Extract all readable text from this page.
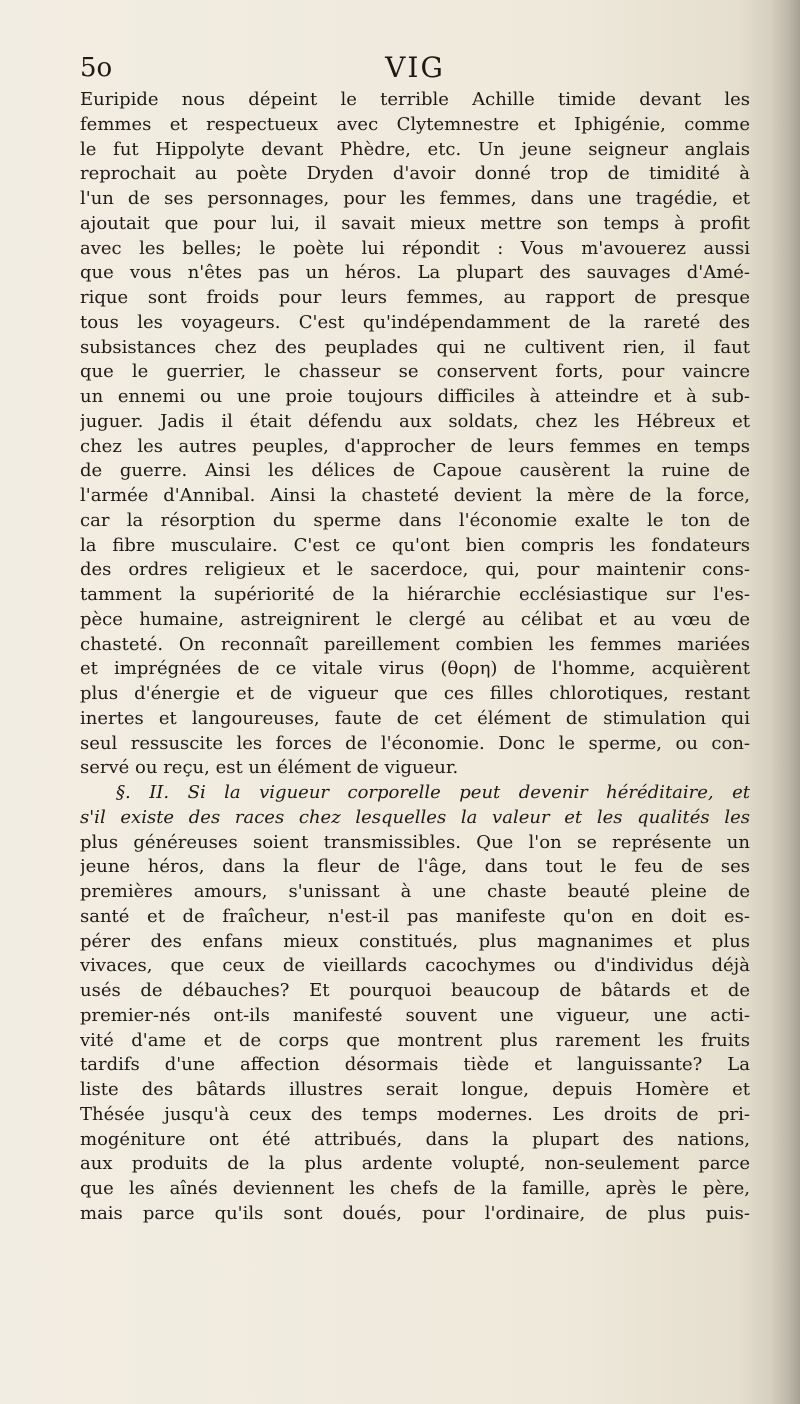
5o	VIG
Euripide nous dépeint le terrible Achille timide devant les
femmes et respectueux avec Clytemnestre et Iphigénie, comme
le fut Hippolyte devant Phèdre, etc. Un jeune seigneur anglais
reprochait au poète Dryden d'avoir donné trop de timidité à
l'un de ses personnages, pour les femmes, dans une tragédie, et
ajoutait que pour lui, il savait mieux mettre son temps à profit
avec les belles; le poète lui répondit : Vous m'avouerez aussi
que vous n'êtes pas un héros. La plupart des sauvages d'Amé-
rique sont froids pour leurs femmes, au rapport de presque
tous les voyageurs. C'est qu'indépendamment de la rareté des
subsistances chez des peuplades qui ne cultivent rien, il faut
que le guerrier, le chasseur se conservent forts, pour vaincre
un ennemi ou une proie toujours difficiles à atteindre et à sub-
juguer. Jadis il était défendu aux soldats, chez les Hébreux et
chez les autres peuples, d'approcher de leurs femmes en temps
de guerre. Ainsi les délices de Capoue causèrent la ruine de
l'armée d'Annibal. Ainsi la chasteté devient la mère de la force,
car la résorption du sperme dans l'économie exalte le ton de
la fibre musculaire. C'est ce qu'ont bien compris les fondateurs
des ordres religieux et le sacerdoce, qui, pour maintenir cons-
tamment la supériorité de la hiérarchie ecclésiastique sur l'es-
pèce humaine, astreignirent le clergé au célibat et au vœu de
chasteté. On reconnaît pareillement combien les femmes mariées
et imprégnées de ce vitale virus (θορη) de l'homme, acquièrent
plus d'énergie et de vigueur que ces filles chlorotiques, restant
inertes et langoureuses, faute de cet élément de stimulation qui
seul ressuscite les forces de l'économie. Donc le sperme, ou con-
servé ou reçu, est un élément de vigueur.
§. II. Si la vigueur corporelle peut devenir héréditaire, et
s'il existe des races chez lesquelles la valeur et les qualités les
plus généreuses soient transmissibles. Que l'on se représente un
jeune héros, dans la fleur de l'âge, dans tout le feu de ses
premières amours, s'unissant à une chaste beauté pleine de
santé et de fraîcheur, n'est-il pas manifeste qu'on en doit es-
pérer des enfans mieux constitués, plus magnanimes et plus
vivaces, que ceux de vieillards cacochymes ou d'individus déjà
usés de débauches? Et pourquoi beaucoup de bâtards et de
premier-nés ont-ils manifesté souvent une vigueur, une acti-
vité d'ame et de corps que montrent plus rarement les fruits
tardifs d'une affection désormais tiède et languissante? La
liste des bâtards illustres serait longue, depuis Homère et
Thésée jusqu'à ceux des temps modernes. Les droits de pri-
mogéniture ont été attribués, dans la plupart des nations,
aux produits de la plus ardente volupté, non-seulement parce
que les aînés deviennent les chefs de la famille, après le père,
mais parce qu'ils sont doués, pour l'ordinaire, de plus puis-
